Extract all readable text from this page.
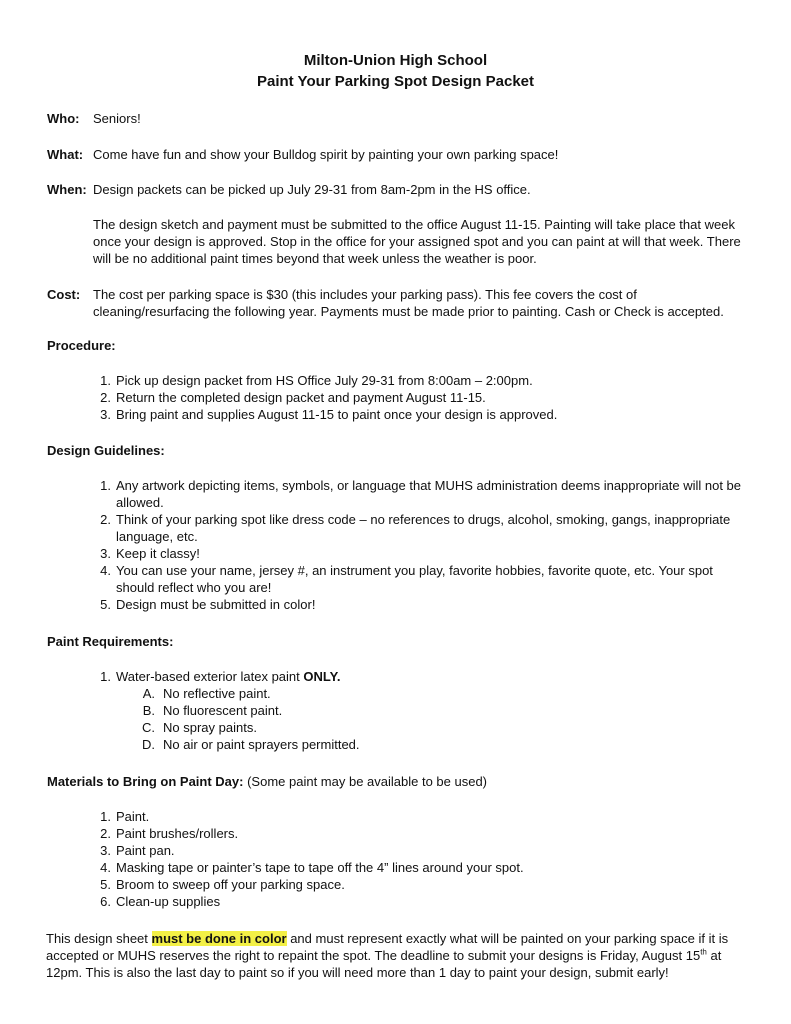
Milton-Union High School
Paint Your Parking Spot Design Packet
Who: Seniors!
What: Come have fun and show your Bulldog spirit by painting your own parking space!
When: Design packets can be picked up July 29-31 from 8am-2pm in the HS office.
The design sketch and payment must be submitted to the office August 11-15. Painting will take place that week once your design is approved. Stop in the office for your assigned spot and you can paint at will that week. There will be no additional paint times beyond that week unless the weather is poor.
Cost: The cost per parking space is $30 (this includes your parking pass). This fee covers the cost of cleaning/resurfacing the following year. Payments must be made prior to painting. Cash or Check is accepted.
Procedure:
1. Pick up design packet from HS Office July 29-31 from 8:00am – 2:00pm.
2. Return the completed design packet and payment August 11-15.
3. Bring paint and supplies August 11-15 to paint once your design is approved.
Design Guidelines:
1. Any artwork depicting items, symbols, or language that MUHS administration deems inappropriate will not be allowed.
2. Think of your parking spot like dress code – no references to drugs, alcohol, smoking, gangs, inappropriate language, etc.
3. Keep it classy!
4. You can use your name, jersey #, an instrument you play, favorite hobbies, favorite quote, etc. Your spot should reflect who you are!
5. Design must be submitted in color!
Paint Requirements:
1. Water-based exterior latex paint ONLY.
A. No reflective paint.
B. No fluorescent paint.
C. No spray paints.
D. No air or paint sprayers permitted.
Materials to Bring on Paint Day: (Some paint may be available to be used)
1. Paint.
2. Paint brushes/rollers.
3. Paint pan.
4. Masking tape or painter’s tape to tape off the 4” lines around your spot.
5. Broom to sweep off your parking space.
6. Clean-up supplies
This design sheet must be done in color and must represent exactly what will be painted on your parking space if it is accepted or MUHS reserves the right to repaint the spot. The deadline to submit your designs is Friday, August 15th at 12pm. This is also the last day to paint so if you will need more than 1 day to paint your design, submit early!
